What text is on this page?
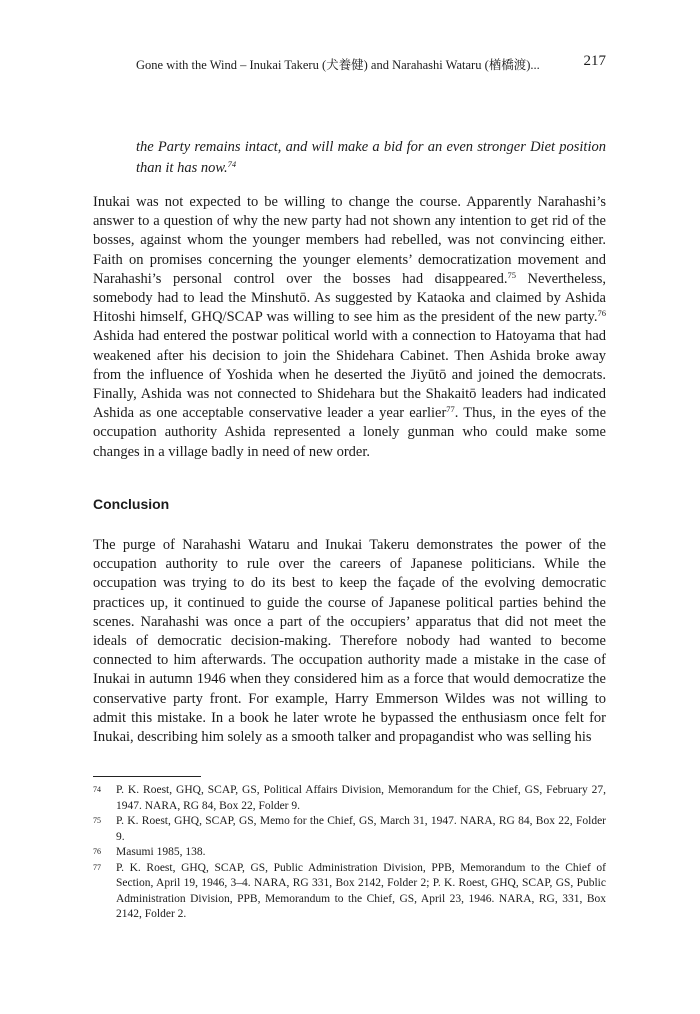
Gone with the Wind – Inukai Takeru (犬養健) and Narahashi Wataru (楢橋渡)...	217
the Party remains intact, and will make a bid for an even stronger Diet position than it has now.$^{74}$
Inukai was not expected to be willing to change the course. Apparently Narahashi’s answer to a question of why the new party had not shown any intention to get rid of the bosses, against whom the younger members had rebelled, was not convincing either. Faith on promises concerning the younger elements’ democratization movement and Narahashi’s personal control over the bosses had disappeared.$^{75}$ Nevertheless, somebody had to lead the Minshutō. As suggested by Kataoka and claimed by Ashida Hitoshi himself, GHQ/SCAP was willing to see him as the president of the new party.$^{76}$ Ashida had entered the postwar political world with a connection to Hatoyama that had weakened after his decision to join the Shidehara Cabinet. Then Ashida broke away from the influence of Yoshida when he deserted the Jiyūtō and joined the democrats. Finally, Ashida was not connected to Shidehara but the Shakaitō leaders had indicated Ashida as one acceptable conservative leader a year earlier$^{77}$. Thus, in the eyes of the occupation authority Ashida represented a lonely gunman who could make some changes in a village badly in need of new order.
Conclusion
The purge of Narahashi Wataru and Inukai Takeru demonstrates the power of the occupation authority to rule over the careers of Japanese politicians. While the occupation was trying to do its best to keep the façade of the evolving democratic practices up, it continued to guide the course of Japanese political parties behind the scenes. Narahashi was once a part of the occupiers’ apparatus that did not meet the ideals of democratic decision-making. Therefore nobody had wanted to become connected to him afterwards. The occupation authority made a mistake in the case of Inukai in autumn 1946 when they considered him as a force that would democratize the conservative party front. For example, Harry Emmerson Wildes was not willing to admit this mistake. In a book he later wrote he bypassed the enthusiasm once felt for Inukai, describing him solely as a smooth talker and propagandist who was selling his
74 P. K. Roest, GHQ, SCAP, GS, Political Affairs Division, Memorandum for the Chief, GS, February 27, 1947. NARA, RG 84, Box 22, Folder 9.
75 P. K. Roest, GHQ, SCAP, GS, Memo for the Chief, GS, March 31, 1947. NARA, RG 84, Box 22, Folder 9.
76 Masumi 1985, 138.
77 P. K. Roest, GHQ, SCAP, GS, Public Administration Division, PPB, Memorandum to the Chief of Section, April 19, 1946, 3–4. NARA, RG 331, Box 2142, Folder 2; P. K. Roest, GHQ, SCAP, GS, Public Administration Division, PPB, Memorandum to the Chief, GS, April 23, 1946. NARA, RG, 331, Box 2142, Folder 2.
